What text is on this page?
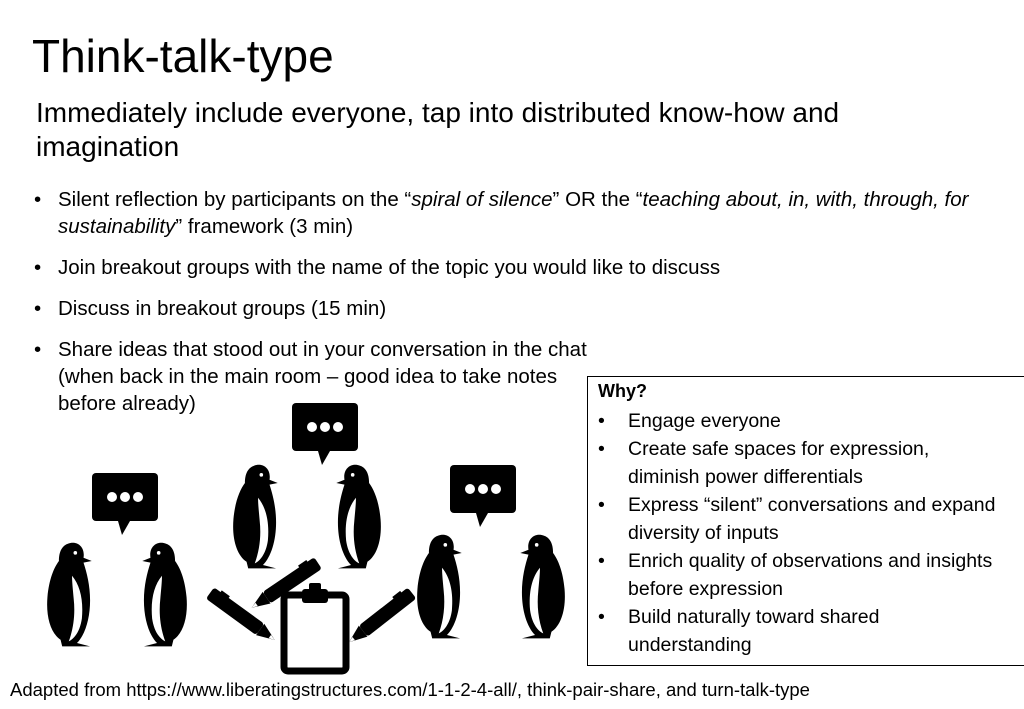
Think-talk-type

Immediately include everyone, tap into distributed know-how and imagination

• Silent reflection by participants on the “spiral of silence” OR the “teaching about, in, with, through, for sustainability” framework (3 min)
• Join breakout groups with the name of the topic you would like to discuss
• Discuss in breakout groups (15 min)
• Share ideas that stood out in your conversation in the chat (when back in the main room – good idea to take notes before already)

Why?

• Engage everyone
• Create safe spaces for expression, diminish power differentials
• Express “silent” conversations and expand diversity of inputs
• Enrich quality of observations and insights before expression
• Build naturally toward shared understanding
Adapted from https://www.liberatingstructures.com/1-1-2-4-all/, think-pair-share, and turn-talk-type
